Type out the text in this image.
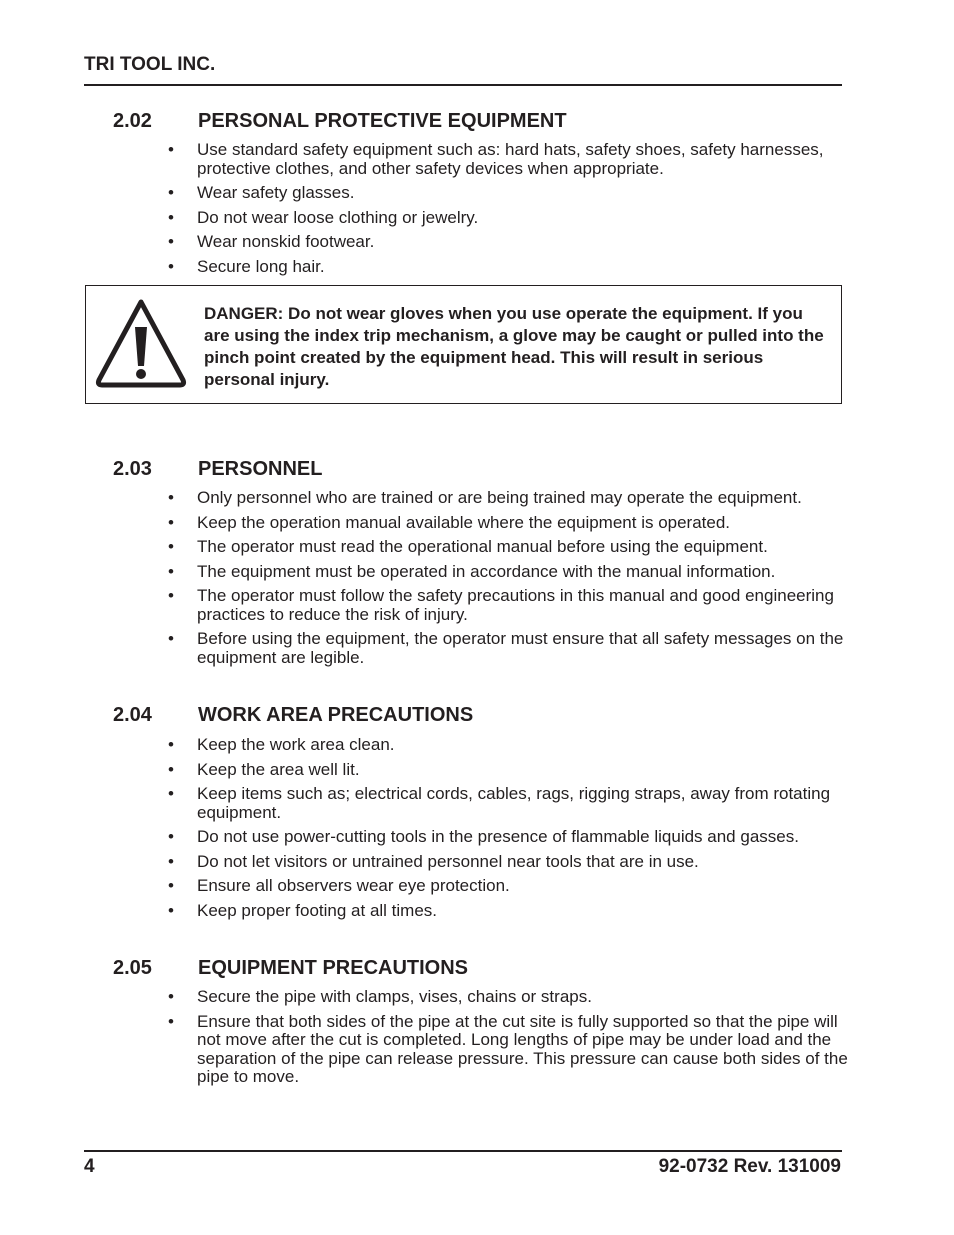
TRI TOOL INC.
2.02 PERSONAL PROTECTIVE EQUIPMENT
• Use standard safety equipment such as: hard hats, safety shoes, safety harnesses, protective clothes, and other safety devices when appropriate.
• Wear safety glasses.
• Do not wear loose clothing or jewelry.
• Wear nonskid footwear.
• Secure long hair.
DANGER: Do not wear gloves when you use operate the equipment. If you are using the index trip mechanism, a glove may be caught or pulled into the pinch point created by the equipment head. This will result in serious personal injury.
2.03 PERSONNEL
• Only personnel who are trained or are being trained may operate the equipment.
• Keep the operation manual available where the equipment is operated.
• The operator must read the operational manual before using the equipment.
• The equipment must be operated in accordance with the manual information.
• The operator must follow the safety precautions in this manual and good engineering practices to reduce the risk of injury.
• Before using the equipment, the operator must ensure that all safety messages on the equipment are legible.
2.04 WORK AREA PRECAUTIONS
• Keep the work area clean.
• Keep the area well lit.
• Keep items such as; electrical cords, cables, rags, rigging straps, away from rotating equipment.
• Do not use power-cutting tools in the presence of flammable liquids and gasses.
• Do not let visitors or untrained personnel near tools that are in use.
• Ensure all observers wear eye protection.
• Keep proper footing at all times.
2.05 EQUIPMENT PRECAUTIONS
• Secure the pipe with clamps, vises, chains or straps.
• Ensure that both sides of the pipe at the cut site is fully supported so that the pipe will not move after the cut is completed. Long lengths of pipe may be under load and the separation of the pipe can release pressure. This pressure can cause both sides of the pipe to move.
4	92-0732 Rev. 131009
